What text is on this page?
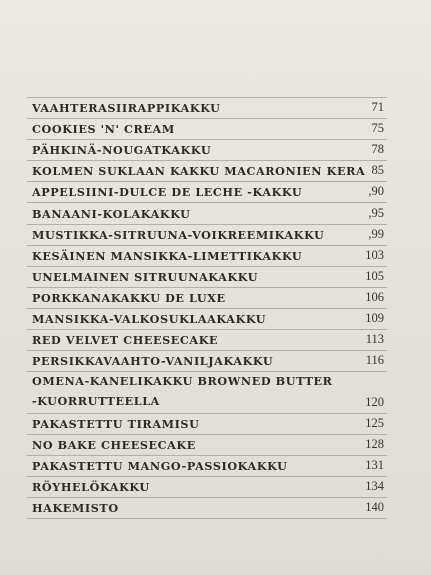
VAAHTERASIIRAPPIKAKKU	71
COOKIES 'N' CREAM	75
PÄHKINÄ-NOUGATKAKKU	78
KOLMEN SUKLAAN KAKKU MACARONIEN KERA 85
APPELSIINI-DULCE DE LECHE -KAKKU	,90
BANAANI-KOLAKAKKU	,95
MUSTIKKA-SITRUUNA-VOIKREEMIKAKKU	,99
KESÄINEN MANSIKKA-LIMETTIKAKKU	103
UNELMAINEN SITRUUNAKAKKU	105
PORKKANAKAKKU DE LUXE	106
MANSIKKA-VALKOSUKLAAKAKKU	109
RED VELVET CHEESECAKE	113
PERSIKKAVAAHTO-VANILJAKAKKU	116
OMENA-KANELIKAKKU BROWNED BUTTER
-KUORRUTTEELLA	120
PAKASTETTU TIRAMISU	125
NO BAKE CHEESECAKE	128
PAKASTETTU MANGO-PASSIOKAKKU	131
RÖYHELÖKAKKU	134
HAKEMISTO	140
